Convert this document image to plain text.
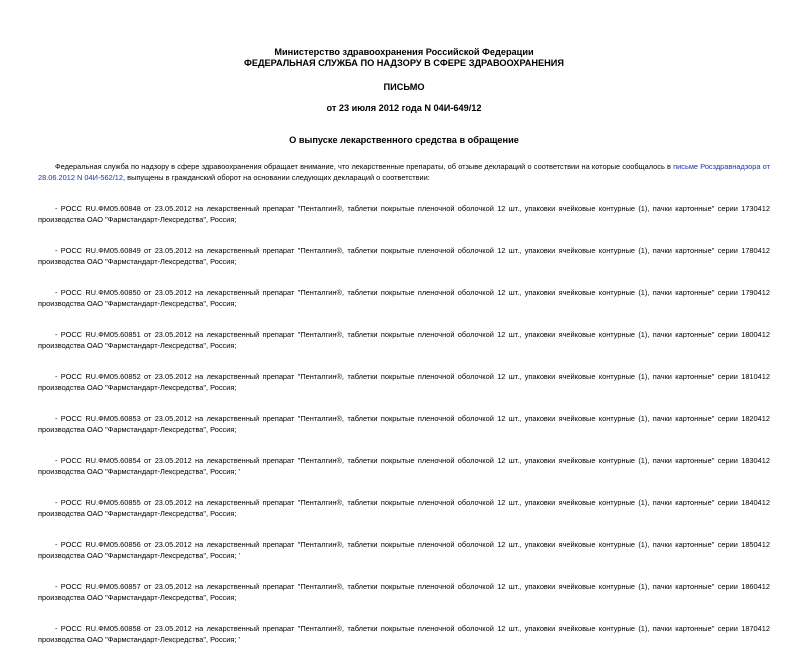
Министерство здравоохранения Российской Федерации
ФЕДЕРАЛЬНАЯ СЛУЖБА ПО НАДЗОРУ В СФЕРЕ ЗДРАВООХРАНЕНИЯ
ПИСЬМО
от 23 июля 2012 года N 04И-649/12
О выпуске лекарственного средства в обращение

Федеральная служба по надзору в сфере здравоохранения обращает внимание, что лекарственные препараты, об отзыве деклараций о соответствии на которые сообщалось в письме Росздравнадзора от 28.06.2012 N 04И-562/12, выпущены в гражданский оборот на основании следующих деклараций о соответствии:

- РОСС RU.ФМ05.60848 от 23.05.2012 на лекарственный препарат "Пенталгин®, таблетки покрытые пленочной оболочкой 12 шт., упаковки ячейковые контурные (1), пачки картонные" серии 1730412 производства ОАО "Фармстандарт-Лексредства", Россия;

- РОСС RU.ФМ05.60849 от 23.05.2012 на лекарственный препарат "Пенталгин®, таблетки покрытые пленочной оболочкой 12 шт., упаковки ячейковые контурные (1), пачки картонные" серии 1780412 производства ОАО "Фармстандарт-Лексредства", Россия;

- РОСС RU.ФМ05.60850 от 23.05.2012 на лекарственный препарат "Пенталгин®, таблетки покрытые пленочной оболочкой 12 шт., упаковки ячейковые контурные (1), пачки картонные" серии 1790412 производства ОАО "Фармстандарт-Лексредства", Россия;

- РОСС RU.ФМ05.60851 от 23.05.2012 на лекарственный препарат "Пенталгин®, таблетки покрытые пленочной оболочкой 12 шт., упаковки ячейковые контурные (1), пачки картонные" серии 1800412 производства ОАО "Фармстандарт-Лексредства", Россия;

- РОСС RU.ФМ05.60852 от 23.05.2012 на лекарственный препарат "Пенталгин®, таблетки покрытые пленочной оболочкой 12 шт., упаковки ячейковые контурные (1), пачки картонные" серии 1810412 производства ОАО "Фармстандарт-Лексредства", Россия;

- РОСС RU.ФМ05.60853 от 23.05.2012 на лекарственный препарат "Пенталгин®, таблетки покрытые пленочной оболочкой 12 шт., упаковки ячейковые контурные (1), пачки картонные" серии 1820412 производства ОАО "Фармстандарт-Лексредства", Россия;

- РОСС RU.ФМ05.60854 от 23.05.2012 на лекарственный препарат "Пенталгин®, таблетки покрытые пленочной оболочкой 12 шт., упаковки ячейковые контурные (1), пачки картонные" серии 1830412 производства ОАО "Фармстандарт-Лексредства", Россия; '

- РОСС RU.ФМ05.60855 от 23.05.2012 на лекарственный препарат "Пенталгин®, таблетки покрытые пленочной оболочкой 12 шт., упаковки ячейковые контурные (1), пачки картонные" серии 1840412 производства ОАО "Фармстандарт-Лексредства", Россия;

- РОСС RU.ФМ05.60856 от 23.05.2012 на лекарственный препарат "Пенталгин®, таблетки покрытые пленочной оболочкой 12 шт., упаковки ячейковые контурные (1), пачки картонные" серии 1850412 производства ОАО "Фармстандарт-Лексредства", Россия; '

- РОСС RU.ФМ05.60857 от 23.05.2012 на лекарственный препарат "Пенталгин®, таблетки покрытые пленочной оболочкой 12 шт., упаковки ячейковые контурные (1), пачки картонные" серии 1860412 производства ОАО "Фармстандарт-Лексредства", Россия;

- РОСС RU.ФМ05.60858 от 23.05.2012 на лекарственный препарат "Пенталгин®, таблетки покрытые пленочной оболочкой 12 шт., упаковки ячейковые контурные (1), пачки картонные" серии 1870412 производства ОАО "Фармстандарт-Лексредства", Россия; '
